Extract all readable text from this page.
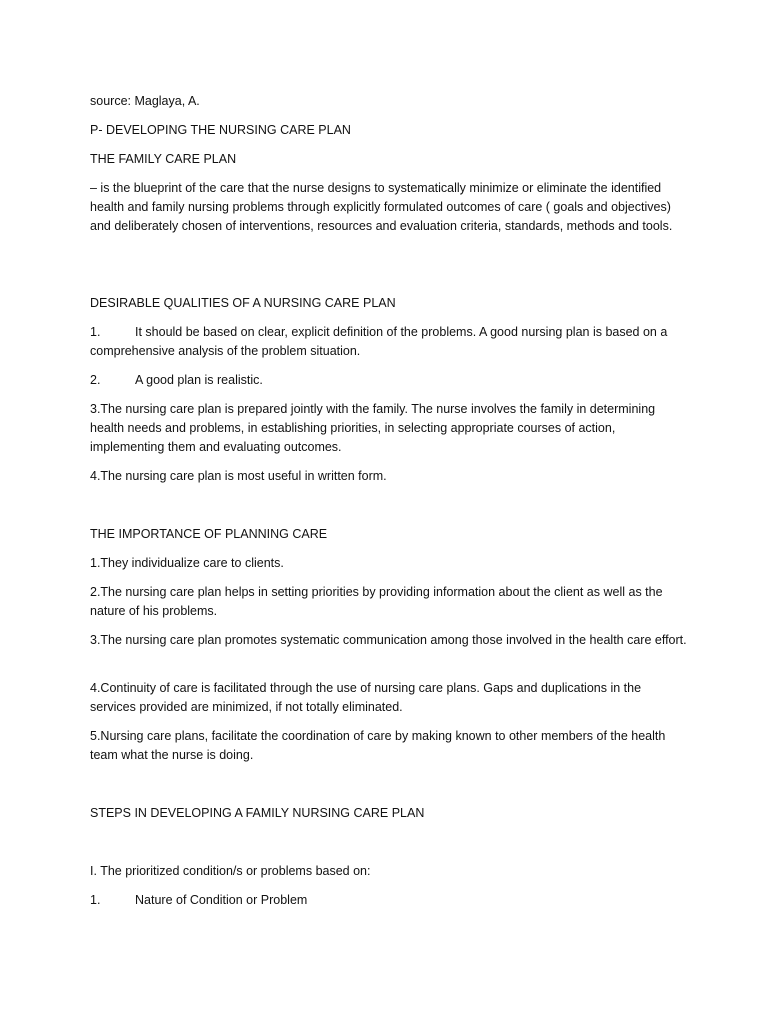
source: Maglaya, A.

P- DEVELOPING THE NURSING CARE PLAN

THE FAMILY CARE PLAN

– is the blueprint of the care that the nurse designs to systematically minimize or eliminate the identified health and family nursing problems through explicitly formulated outcomes of care ( goals and objectives) and deliberately chosen of interventions, resources and evaluation criteria, standards, methods and tools.

DESIRABLE QUALITIES OF A NURSING CARE PLAN

1.	It should be based on clear, explicit definition of the problems. A good nursing plan is based on a comprehensive analysis of the problem situation.
2.	A good plan is realistic.

3.The nursing care plan is prepared jointly with the family. The nurse involves the family in determining health needs and problems, in establishing priorities, in selecting appropriate courses of action, implementing them and evaluating outcomes.

4.The nursing care plan is most useful in written form.

THE IMPORTANCE OF PLANNING CARE

1.They individualize care to clients.

2.The nursing care plan helps in setting priorities by providing information about the client as well as the nature of his problems.

3.The nursing care plan promotes systematic communication among those involved in the health care effort.

4.Continuity of care is facilitated through the use of nursing care plans. Gaps and duplications in the services provided are minimized, if not totally eliminated.

5.Nursing care plans, facilitate the coordination of care by making known to other members of the health team what the nurse is doing.

STEPS IN DEVELOPING A FAMILY NURSING CARE PLAN

I. The prioritized condition/s or problems based on:

1.	Nature of Condition or Problem
